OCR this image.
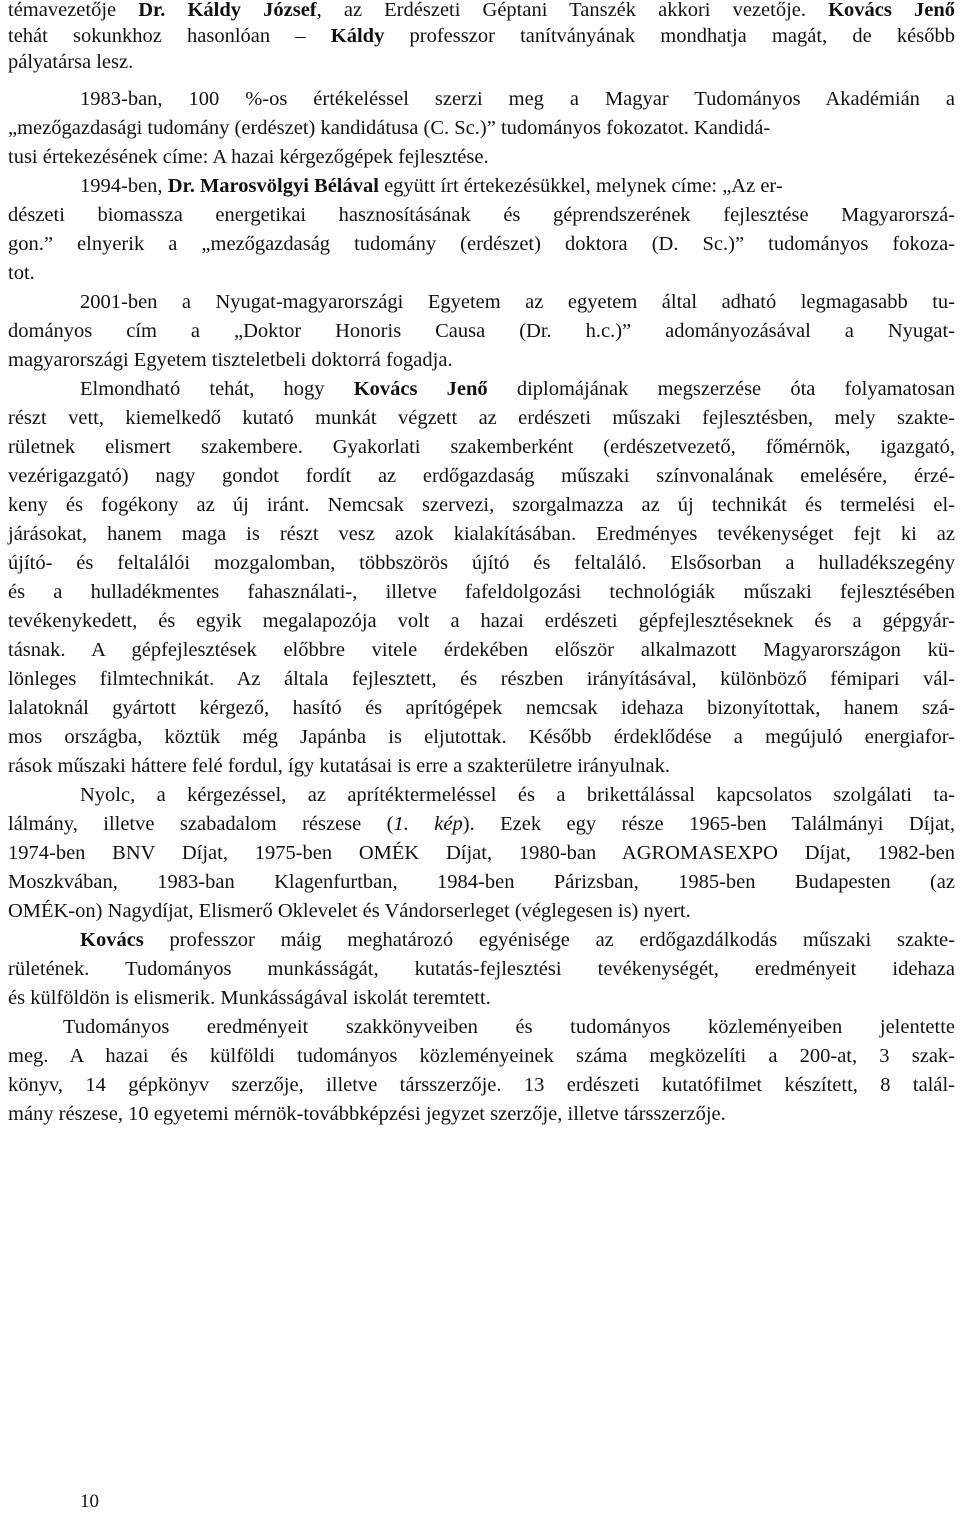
témavezetője Dr. Káldy József, az Erdészeti Géptani Tanszék akkori vezetője. Kovács Jenő
tehát sokunkhoz hasonlóan – Káldy professzor tanítványának mondhatja magát, de később
pályatársa lesz.
1983-ban, 100 %-os értékeléssel szerzi meg a Magyar Tudományos Akadémián a
„mezőgazdasági tudomány (erdészet) kandidátusa (C. Sc.)” tudományos fokozatot. Kandidá-
tusi értekezésének címe: A hazai kérgezőgépek fejlesztése.
1994-ben, Dr. Marosvölgyi Bélával együtt írt értekezésükkel, melynek címe: „Az er-
dészeti biomassza energetikai hasznosításának és géprendszerének fejlesztése Magyarorszá-
gon.” elnyerik a „mezőgazdaság tudomány (erdészet) doktora (D. Sc.)” tudományos fokoza-
tot.
2001-ben a Nyugat-magyarországi Egyetem az egyetem által adható legmagasabb tu-
dományos cím a „Doktor Honoris Causa (Dr. h.c.)” adományozásával a Nyugat-
magyarországi Egyetem tiszteletbeli doktorrá fogadja.
Elmondható tehát, hogy Kovács Jenő diplomájának megszerzése óta folyamatosan
részt vett, kiemelkedő kutató munkát végzett az erdészeti műszaki fejlesztésben, mely szakte-
rületnek elismert szakembere. Gyakorlati szakemberként (erdészetvezető, főmérnök, igazgató,
vezérigazgató) nagy gondot fordít az erdőgazdaság műszaki színvonalának emelésére, érzé-
keny és fogékony az új iránt. Nemcsak szervezi, szorgalmazza az új technikát és termelési el-
járásokat, hanem maga is részt vesz azok kialakításában. Eredményes tevékenységet fejt ki az
újító- és feltalálói mozgalomban, többszörös újító és feltaláló. Elsősorban a hulladékszegény
és a hulladékmentes fahasználati-, illetve fafeldolgozási technológiák műszaki fejlesztésében
tevékenykedett, és egyik megalapozója volt a hazai erdészeti gépfejlesztéseknek és a gépgyár-
tásnak. A gépfejlesztések előbbre vitele érdekében először alkalmazott Magyarországon kü-
lönleges filmtechnikát. Az általa fejlesztett, és részben irányításával, különböző fémipari vál-
lalatoknál gyártott kérgező, hasító és aprítógépek nemcsak idehaza bizonyítottak, hanem szá-
mos országba, köztük még Japánba is eljutottak. Később érdeklődése a megújuló energiafor-
rások műszaki háttere felé fordul, így kutatásai is erre a szakterületre irányulnak.
Nyolc, a kérgezéssel, az aprítéktermeléssel és a brikettálással kapcsolatos szolgálati ta-
lálmány, illetve szabadalom részese (1. kép). Ezek egy része 1965-ben Találmányi Díjat,
1974-ben BNV Díjat, 1975-ben OMÉK Díjat, 1980-ban AGROMASEXPO Díjat, 1982-ben
Moszkvában, 1983-ban Klagenfurtban, 1984-ben Párizsban, 1985-ben Budapesten (az
OMÉK-on) Nagydíjat, Elismerő Oklevelet és Vándorserleget (véglegesen is) nyert.
Kovács professzor máig meghatározó egyénisége az erdőgazdálkodás műszaki szakte-
rületének. Tudományos munkásságát, kutatás-fejlesztési tevékenységét, eredményeit idehaza
és külföldön is elismerik. Munkásságával iskolát teremtett.
Tudományos eredményeit szakkönyveiben és tudományos közleményeiben jelentette
meg. A hazai és külföldi tudományos közleményeinek száma megközelíti a 200-at, 3 szak-
könyv, 14 gépkönyv szerzője, illetve társszerzője. 13 erdészeti kutatófilmet készített, 8 talál-
mány részese, 10 egyetemi mérnök-továbbképzési jegyzet szerzője, illetve társszerzője.
10
